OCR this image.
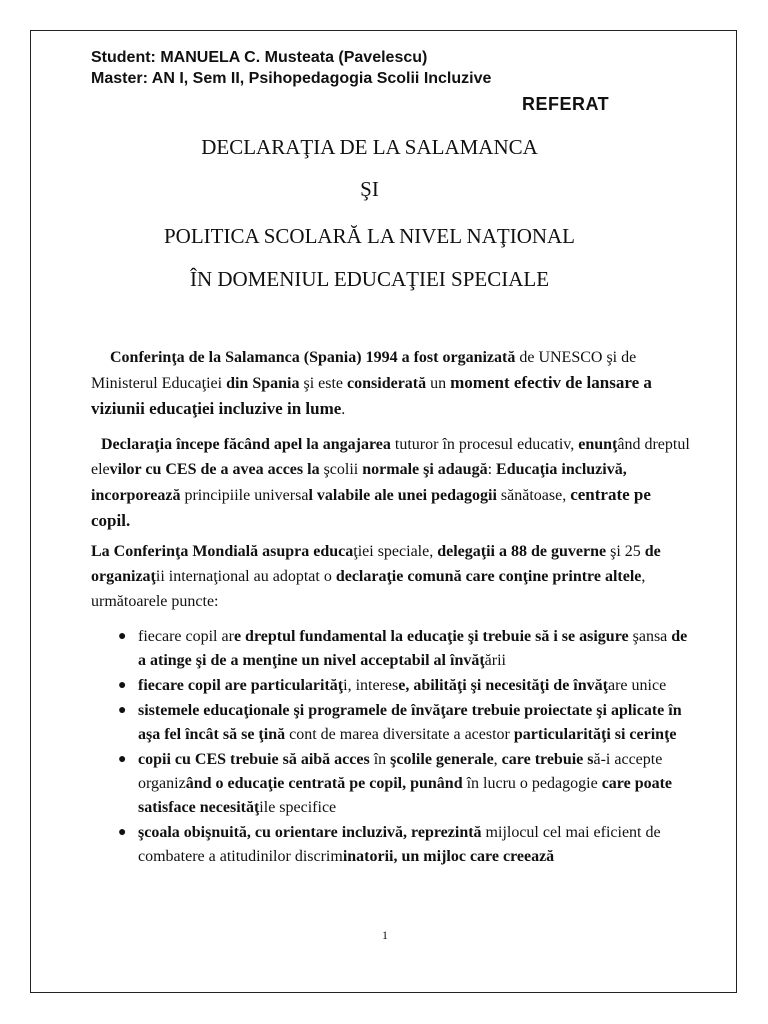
Student: MANUELA C. Musteata (Pavelescu)
Master: AN I, Sem II, Psihopedagogia Scolii Incluzive
REFERAT
DECLARAŢIA DE LA SALAMANCA
ŞI
POLITICA SCOLARĂ LA NIVEL NAŢIONAL
ÎN DOMENIUL EDUCAŢIEI SPECIALE
Conferinţa de la Salamanca (Spania) 1994 a fost organizată de UNESCO şi de Ministerul Educaţiei din Spania şi este considerată un moment efectiv de lansare a viziunii educaţiei incluzive in lume.
Declaraţia începe făcând apel la angajarea tuturor în procesul educativ, enunţând dreptul elevilor cu CES de a avea acces la şcolii normale şi adaugă: Educaţia incluzivă, incorporează principiile universal valabile ale unei pedagogii sănătoase, centrate pe copil.
La Conferinţa Mondială asupra educaţiei speciale, delegaţii a 88 de guverne şi 25 de organizaţii internaţional au adoptat o declaraţie comună care conţine printre altele, următoarele puncte:
● fiecare copil are dreptul fundamental la educaţie şi trebuie să i se asigure şansa de a atinge şi de a menţine un nivel acceptabil al învăţării
● fiecare copil are particularităţi, interese, abilităţi şi necesităţi de învăţare unice
● sistemele educaţionale şi programele de învăţare trebuie proiectate şi aplicate în aşa fel încât să se ţină cont de marea diversitate a acestor particularităţi si cerinţe
● copii cu CES trebuie să aibă acces în şcolile generale, care trebuie să-i accepte organizând o educaţie centrată pe copil, punând în lucru o pedagogie care poate satisface necesităţile specifice
● şcoala obişnuită, cu orientare incluzivă, reprezintă mijlocul cel mai eficient de combatere a atitudinilor discriminatorii, un mijloc care creează
1
